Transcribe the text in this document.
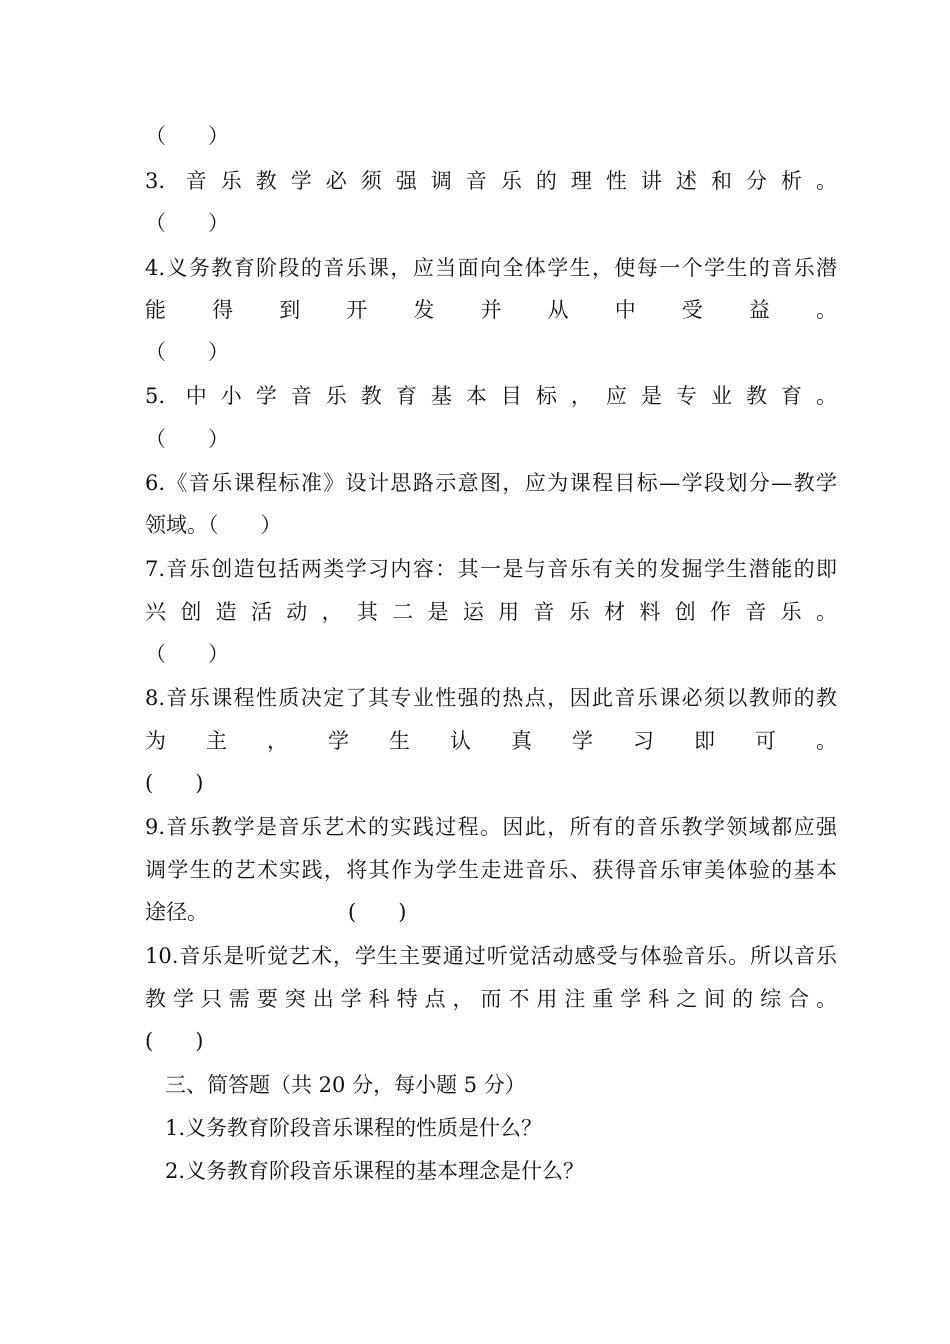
（　　）
3. 音乐教学必须强调音乐的理性讲述和分析。
（　　）
4.义务教育阶段的音乐课，应当面向全体学生，使每一个学生的音乐潜
能得到开发并从中受益。
（　　）
5. 中小学音乐教育基本目标，应是专业教育。
（　　）
6.《音乐课程标准》设计思路示意图，应为课程目标—学段划分—教学
领域。（　　）
7.音乐创造包括两类学习内容：其一是与音乐有关的发掘学生潜能的即
兴创造活动，其二是运用音乐材料创作音乐。
（　　）
8.音乐课程性质决定了其专业性强的热点，因此音乐课必须以教师的教
为主，学生认真学习即可。
(　　)
9.音乐教学是音乐艺术的实践过程。因此，所有的音乐教学领域都应强
调学生的艺术实践，将其作为学生走进音乐、获得音乐审美体验的基本
途径。	(　　)
10.音乐是听觉艺术，学生主要通过听觉活动感受与体验音乐。所以音乐
教学只需要突出学科特点，而不用注重学科之间的综合。
(　　)
三、简答题（共 20 分，每小题 5 分）
1.义务教育阶段音乐课程的性质是什么？
2.义务教育阶段音乐课程的基本理念是什么？
